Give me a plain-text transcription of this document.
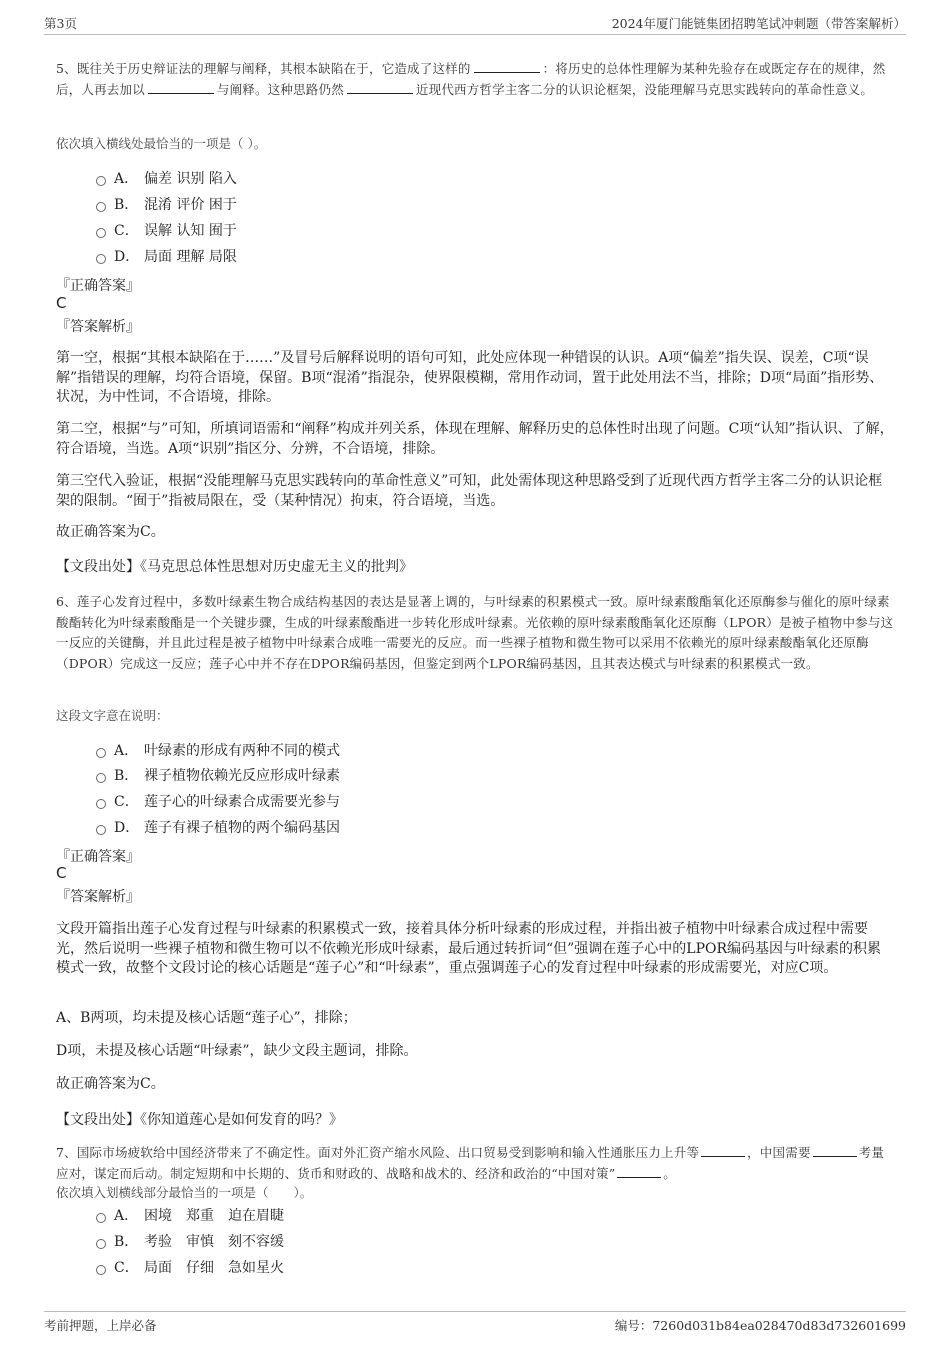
第3页	2024年厦门能链集团招聘笔试冲刺题（带答案解析）
5、既往关于历史辩证法的理解与阐释，其根本缺陷在于，它造成了这样的	：将历史的总体性理解为某种先验存在或既定存在的规律，然后，人再去加以	与阐释。这种思路仍然	近现代西方哲学主客二分的认识论框架，没能理解马克思实践转向的革命性意义。
依次填入横线处最恰当的一项是（ ）。
A． 偏差 识别 陷入
B． 混淆 评价 困于
C． 误解 认知 囿于
D． 局面 理解 局限
『正确答案』
C
『答案解析』
第一空，根据“其根本缺陷在于……”及冒号后解释说明的语句可知，此处应体现一种错误的认识。A项“偏差”指失误、误差，C项“误解”指错误的理解，均符合语境，保留。B项“混淆”指混杂，使界限模糊，常用作动词，置于此处用法不当，排除；D项“局面”指形势、状况，为中性词，不合语境，排除。
第二空，根据“与”可知，所填词语需和“阐释”构成并列关系，体现在理解、解释历史的总体性时出现了问题。C项“认知”指认识、了解，符合语境，当选。A项“识别”指区分、分辨，不合语境，排除。
第三空代入验证，根据“没能理解马克思实践转向的革命性意义”可知，此处需体现这种思路受到了近现代西方哲学主客二分的认识论框架的限制。“囿于”指被局限在，受（某种情况）拘束，符合语境，当选。
故正确答案为C。
【文段出处】《马克思总体性思想对历史虚无主义的批判》
6、莲子心发育过程中，多数叶绿素生物合成结构基因的表达是显著上调的，与叶绿素的积累模式一致。原叶绿素酸酯氧化还原酶参与催化的原叶绿素酸酯转化为叶绿素酸酯是一个关键步骤，生成的叶绿素酸酯进一步转化形成叶绿素。光依赖的原叶绿素酸酯氧化还原酶（LPOR）是被子植物中参与这一反应的关键酶，并且此过程是被子植物中叶绿素合成唯一需要光的反应。而一些裸子植物和微生物可以采用不依赖光的原叶绿素酸酯氧化还原酶（DPOR）完成这一反应；莲子心中并不存在DPOR编码基因，但鉴定到两个LPOR编码基因，且其表达模式与叶绿素的积累模式一致。
这段文字意在说明：
A． 叶绿素的形成有两种不同的模式
B． 裸子植物依赖光反应形成叶绿素
C． 莲子心的叶绿素合成需要光参与
D． 莲子有裸子植物的两个编码基因
『正确答案』
C
『答案解析』
文段开篇指出莲子心发育过程与叶绿素的积累模式一致，接着具体分析叶绿素的形成过程，并指出被子植物中叶绿素合成过程中需要光，然后说明一些裸子植物和微生物可以不依赖光形成叶绿素，最后通过转折词“但”强调在莲子心中的LPOR编码基因与叶绿素的积累模式一致，故整个文段讨论的核心话题是“莲子心”和“叶绿素”，重点强调莲子心的发育过程中叶绿素的形成需要光，对应C项。
A、B两项，均未提及核心话题“莲子心”，排除；
D项，未提及核心话题“叶绿素”，缺少文段主题词，排除。
故正确答案为C。
【文段出处】《你知道莲心是如何发育的吗？》
7、国际市场疲软给中国经济带来了不确定性。面对外汇资产缩水风险、出口贸易受到影响和输入性通胀压力上升等	，中国需要	考量应对，谋定而后动。制定短期和中长期的、货币和财政的、战略和战术的、经济和政治的“中国对策”	。
依次填入划横线部分最恰当的一项是（　　）。
A． 困境　郑重　迫在眉睫
B． 考验　审慎　刻不容缓
C． 局面　仔细　急如星火
考前押题，上岸必备	编号：7260d031b84ea028470d83d732601699
